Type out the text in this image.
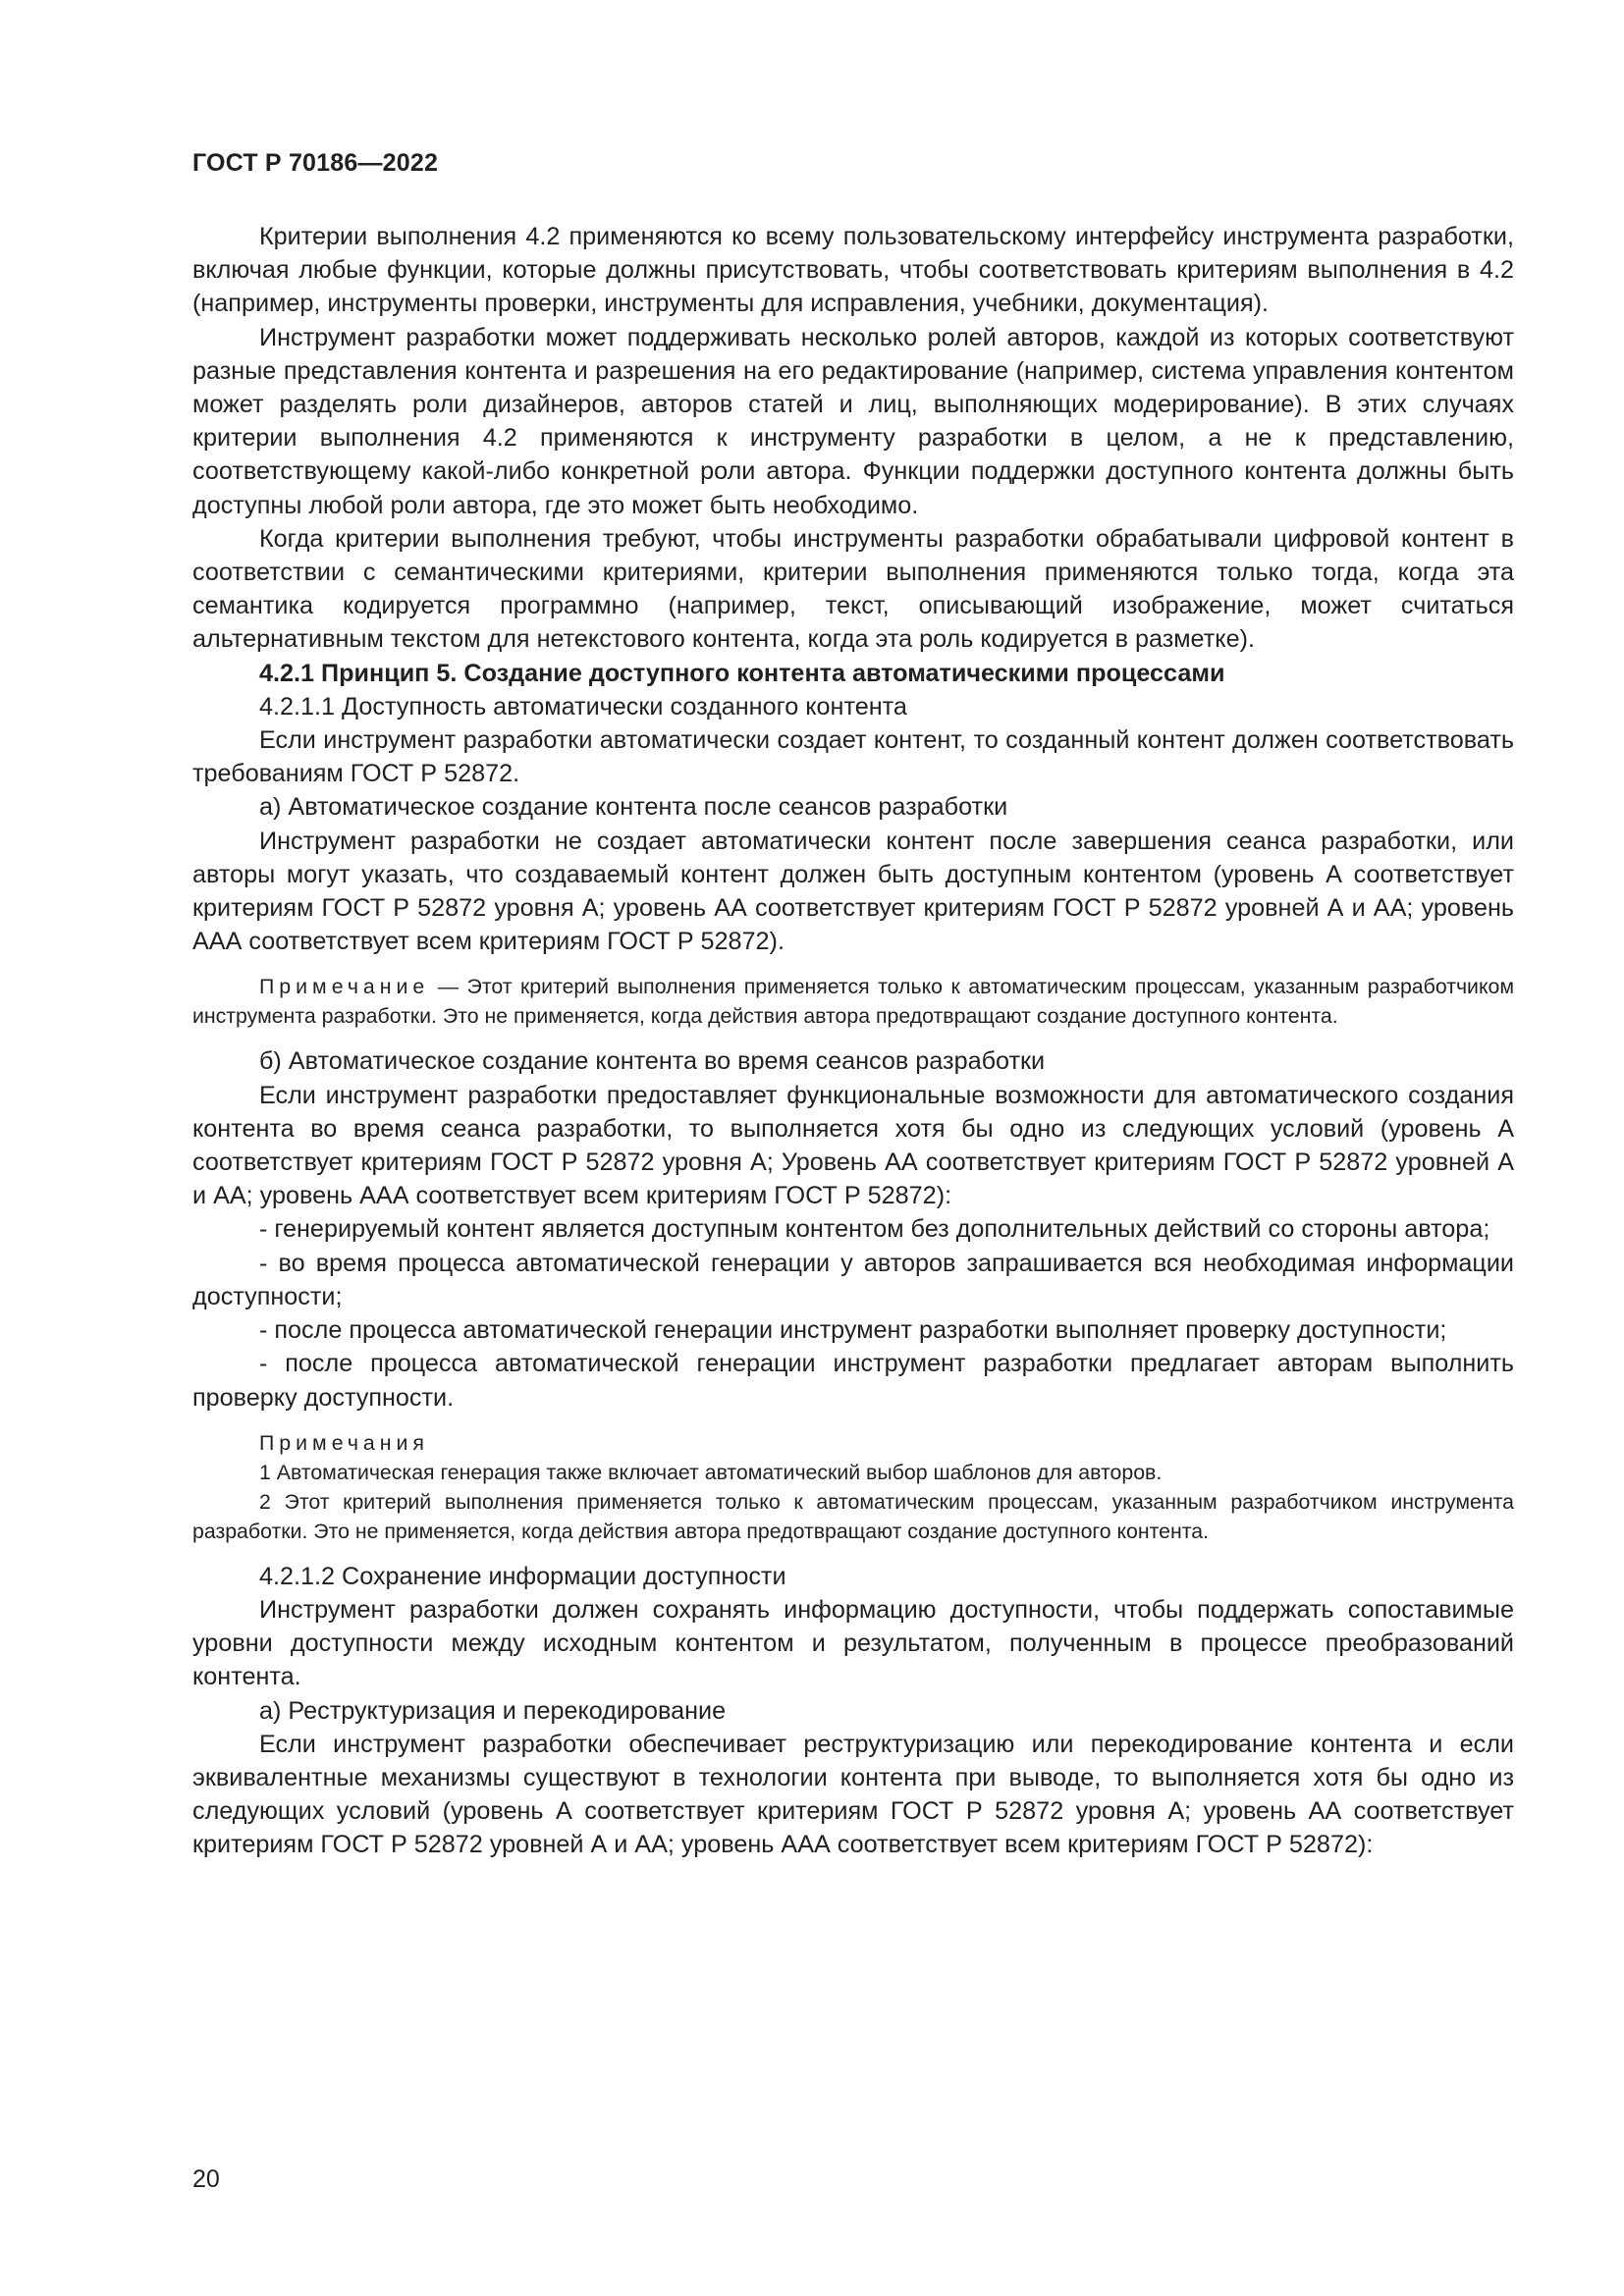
ГОСТ Р 70186—2022

Критерии выполнения 4.2 применяются ко всему пользовательскому интерфейсу инструмента разработки, включая любые функции, которые должны присутствовать, чтобы соответствовать критериям выполнения в 4.2 (например, инструменты проверки, инструменты для исправления, учебники, документация).

Инструмент разработки может поддерживать несколько ролей авторов, каждой из которых соответствуют разные представления контента и разрешения на его редактирование (например, система управления контентом может разделять роли дизайнеров, авторов статей и лиц, выполняющих модерирование). В этих случаях критерии выполнения 4.2 применяются к инструменту разработки в целом, а не к представлению, соответствующему какой-либо конкретной роли автора. Функции поддержки доступного контента должны быть доступны любой роли автора, где это может быть необходимо.

Когда критерии выполнения требуют, чтобы инструменты разработки обрабатывали цифровой контент в соответствии с семантическими критериями, критерии выполнения применяются только тогда, когда эта семантика кодируется программно (например, текст, описывающий изображение, может считаться альтернативным текстом для нетекстового контента, когда эта роль кодируется в разметке).

4.2.1 Принцип 5. Создание доступного контента автоматическими процессами

4.2.1.1 Доступность автоматически созданного контента

Если инструмент разработки автоматически создает контент, то созданный контент должен соответствовать требованиям ГОСТ Р 52872.

а) Автоматическое создание контента после сеансов разработки

Инструмент разработки не создает автоматически контент после завершения сеанса разработки, или авторы могут указать, что создаваемый контент должен быть доступным контентом (уровень А соответствует критериям ГОСТ Р 52872 уровня А; уровень АА соответствует критериям ГОСТ Р 52872 уровней А и АА; уровень ААА соответствует всем критериям ГОСТ Р 52872).

Примечание — Этот критерий выполнения применяется только к автоматическим процессам, указанным разработчиком инструмента разработки. Это не применяется, когда действия автора предотвращают создание доступного контента.

б) Автоматическое создание контента во время сеансов разработки

Если инструмент разработки предоставляет функциональные возможности для автоматического создания контента во время сеанса разработки, то выполняется хотя бы одно из следующих условий (уровень А соответствует критериям ГОСТ Р 52872 уровня А; Уровень АА соответствует критериям ГОСТ Р 52872 уровней А и АА; уровень ААА соответствует всем критериям ГОСТ Р 52872):

- генерируемый контент является доступным контентом без дополнительных действий со стороны автора;

- во время процесса автоматической генерации у авторов запрашивается вся необходимая информации доступности;

- после процесса автоматической генерации инструмент разработки выполняет проверку доступности;

- после процесса автоматической генерации инструмент разработки предлагает авторам выполнить проверку доступности.

Примечания

1 Автоматическая генерация также включает автоматический выбор шаблонов для авторов.

2 Этот критерий выполнения применяется только к автоматическим процессам, указанным разработчиком инструмента разработки. Это не применяется, когда действия автора предотвращают создание доступного контента.

4.2.1.2 Сохранение информации доступности

Инструмент разработки должен сохранять информацию доступности, чтобы поддержать сопоставимые уровни доступности между исходным контентом и результатом, полученным в процессе преобразований контента.

а) Реструктуризация и перекодирование

Если инструмент разработки обеспечивает реструктуризацию или перекодирование контента и если эквивалентные механизмы существуют в технологии контента при выводе, то выполняется хотя бы одно из следующих условий (уровень А соответствует критериям ГОСТ Р 52872 уровня А; уровень АА соответствует критериям ГОСТ Р 52872 уровней А и АА; уровень ААА соответствует всем критериям ГОСТ Р 52872):

20
